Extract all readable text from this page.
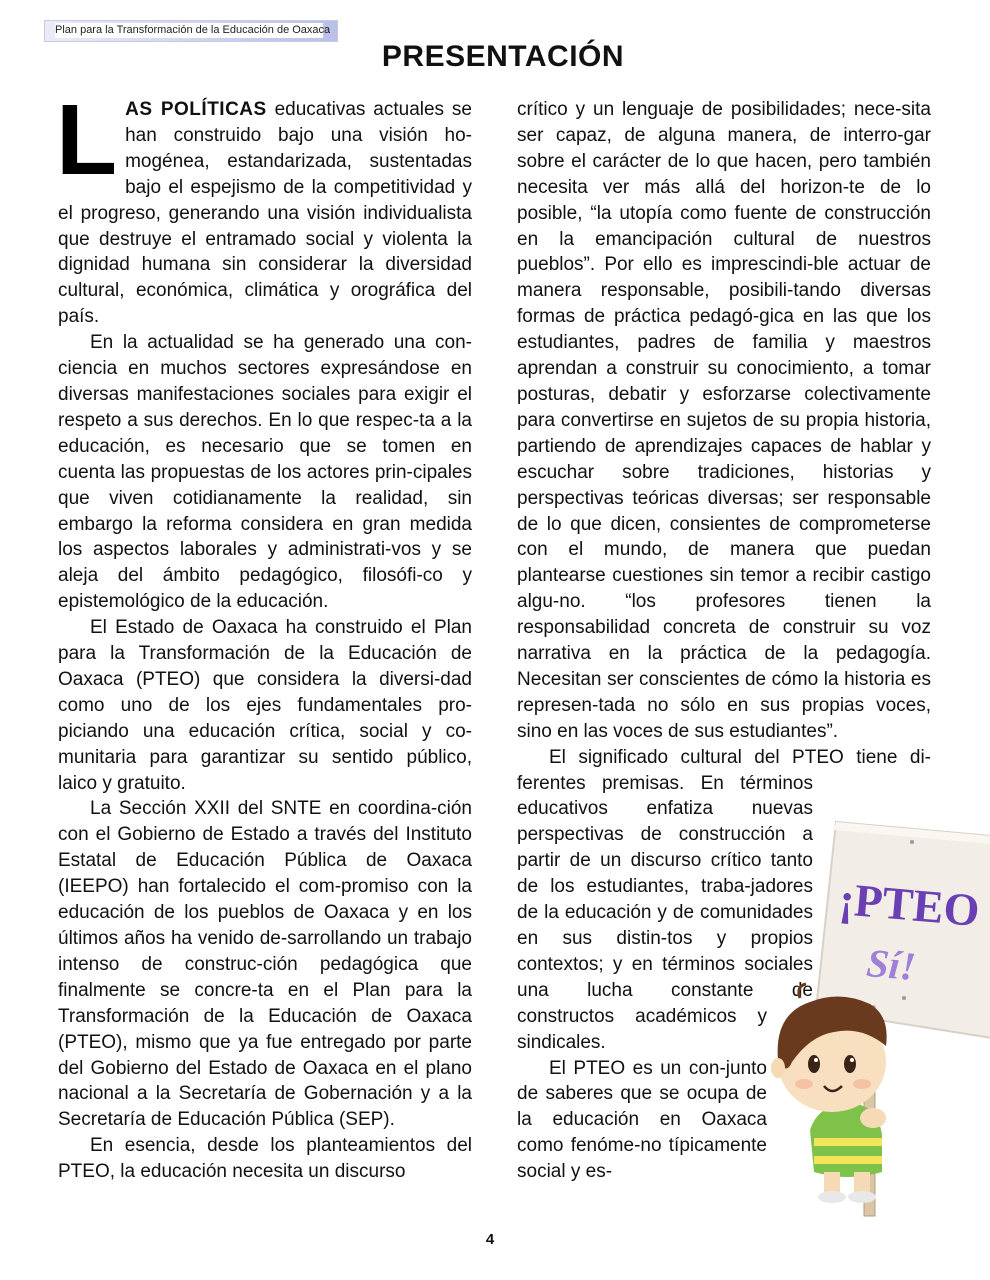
Plan para la Transformación de la Educación de Oaxaca
PRESENTACIÓN

LAS POLÍTICAS educativas actuales se han construido bajo una visión ho-mogénea, estandarizada, sustentadas bajo el espejismo de la competitividad y el progreso, generando una visión individualista que destruye el entramado social y violenta la dignidad humana sin considerar la diversidad cultural, económica, climática y orográfica del país.

En la actualidad se ha generado una con-ciencia en muchos sectores expresándose en diversas manifestaciones sociales para exigir el respeto a sus derechos. En lo que respec-ta a la educación, es necesario que se tomen en cuenta las propuestas de los actores prin-cipales que viven cotidianamente la realidad, sin embargo la reforma considera en gran medida los aspectos laborales y administrati-vos y se aleja del ámbito pedagógico, filosófi-co y epistemológico de la educación.

El Estado de Oaxaca ha construido el Plan para la Transformación de la Educación de Oaxaca (PTEO) que considera la diversi-dad como uno de los ejes fundamentales pro-piciando una educación crítica, social y co-munitaria para garantizar su sentido público, laico y gratuito.

La Sección XXII del SNTE en coordina-ción con el Gobierno de Estado a través del Instituto Estatal de Educación Pública de Oaxaca (IEEPO) han fortalecido el com-promiso con la educación de los pueblos de Oaxaca y en los últimos años ha venido de-sarrollando un trabajo intenso de construc-ción pedagógica que finalmente se concre-ta en el Plan para la Transformación de la Educación de Oaxaca (PTEO), mismo que ya fue entregado por parte del Gobierno del Estado de Oaxaca en el plano nacional a la Secretaría de Gobernación y a la Secretaría de Educación Pública (SEP).

En esencia, desde los planteamientos del PTEO, la educación necesita un discurso

crítico y un lenguaje de posibilidades; nece-sita ser capaz, de alguna manera, de interro-gar sobre el carácter de lo que hacen, pero también necesita ver más allá del horizon-te de lo posible, “la utopía como fuente de construcción en la emancipación cultural de nuestros pueblos”. Por ello es imprescindi-ble actuar de manera responsable, posibili-tando diversas formas de práctica pedagó-gica en las que los estudiantes, padres de familia y maestros aprendan a construir su conocimiento, a tomar posturas, debatir y esforzarse colectivamente para convertirse en sujetos de su propia historia, partiendo de aprendizajes capaces de hablar y escuchar sobre tradiciones, historias y perspectivas teóricas diversas; ser responsable de lo que dicen, consientes de comprometerse con el mundo, de manera que puedan plantearse cuestiones sin temor a recibir castigo algu-no. “los profesores tienen la responsabilidad concreta de construir su voz narrativa en la práctica de la pedagogía. Necesitan ser conscientes de cómo la historia es represen-tada no sólo en sus propias voces, sino en las voces de sus estudiantes”.

El significado cultural del PTEO tiene di-ferentes premisas. En términos educativos enfatiza nuevas perspectivas de construcción a partir de un discurso crítico tanto de los estudiantes, traba-jadores de la educación y de comunidades en sus distin-tos y propios contextos; y en términos sociales una lucha constante de constructos académicos y sindicales.

El PTEO es un con-junto de saberes que se ocupa de la educación en Oaxaca como fenóme-no típicamente social y es-

¡PTEO
Sí!
4
